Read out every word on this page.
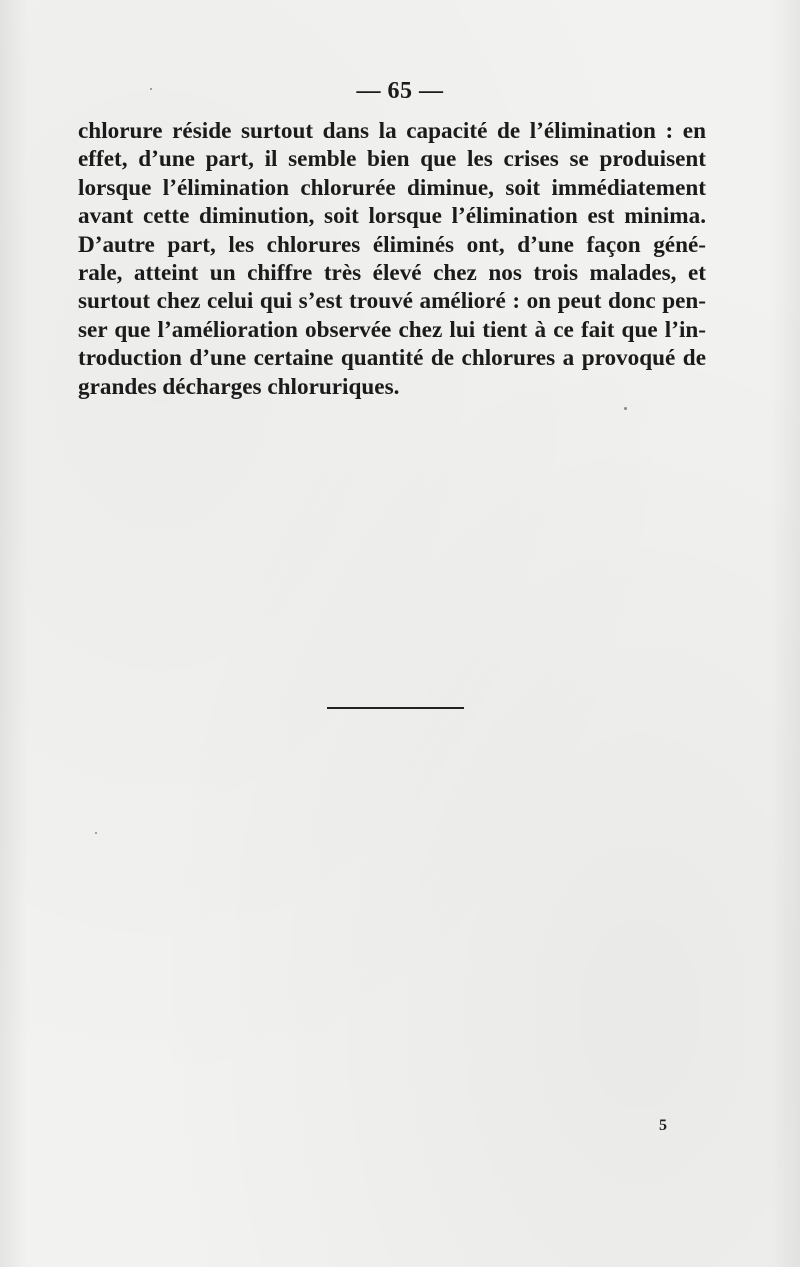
— 65 —
chlorure réside surtout dans la capacité de l’élimination : en
effet, d’une part, il semble bien que les crises se produisent
lorsque l’élimination chlorurée diminue, soit immédiatement
avant cette diminution, soit lorsque l’élimination est minima.
D’autre part, les chlorures éliminés ont, d’une façon géné-
rale, atteint un chiffre très élevé chez nos trois malades, et
surtout chez celui qui s’est trouvé amélioré : on peut donc pen-
ser que l’amélioration observée chez lui tient à ce fait que l’in-
troduction d’une certaine quantité de chlorures a provoqué de
grandes décharges chloruriques.
5
